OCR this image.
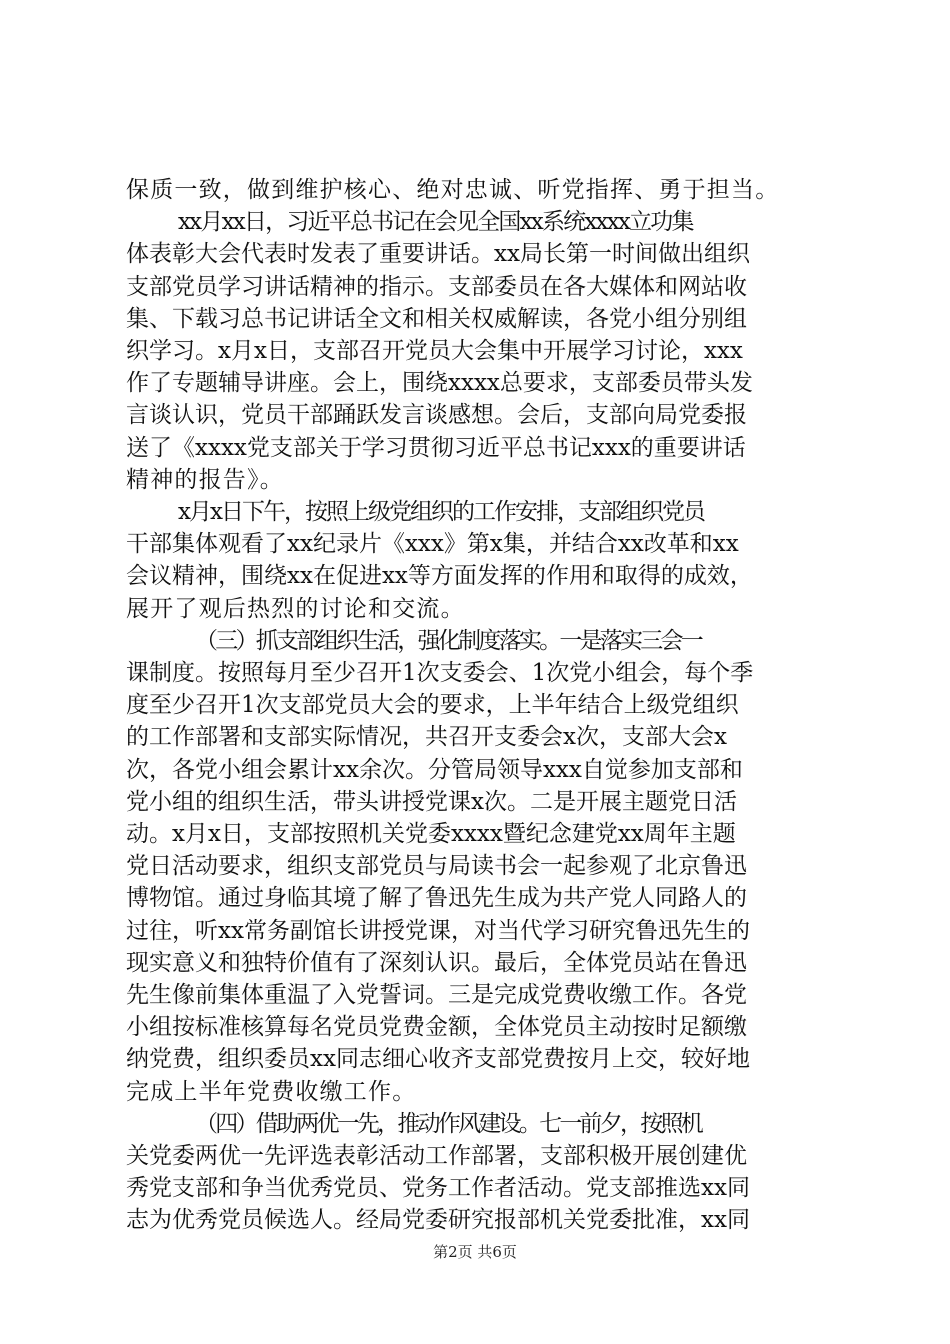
保质一致，做到维护核心、绝对忠诚、听党指挥、勇于担当。
xx月xx日，习近平总书记在会见全国xx系统xxxx立功集
体表彰大会代表时发表了重要讲话。xx局长第一时间做出组织
支部党员学习讲话精神的指示。支部委员在各大媒体和网站收
集、下载习总书记讲话全文和相关权威解读，各党小组分别组
织学习。x月x日，支部召开党员大会集中开展学习讨论，xxx
作了专题辅导讲座。会上，围绕xxxx总要求，支部委员带头发
言谈认识，党员干部踊跃发言谈感想。会后，支部向局党委报
送了《xxxx党支部关于学习贯彻习近平总书记xxx的重要讲话
精神的报告》。
x月x日下午，按照上级党组织的工作安排，支部组织党员
干部集体观看了xx纪录片《xxx》第x集，并结合xx改革和xx
会议精神，围绕xx在促进xx等方面发挥的作用和取得的成效，
展开了观后热烈的讨论和交流。
（三）抓支部组织生活，强化制度落实。一是落实三会一
课制度。按照每月至少召开1次支委会、1次党小组会，每个季
度至少召开1次支部党员大会的要求，上半年结合上级党组织
的工作部署和支部实际情况，共召开支委会x次，支部大会x
次，各党小组会累计xx余次。分管局领导xxx自觉参加支部和
党小组的组织生活，带头讲授党课x次。二是开展主题党日活
动。x月x日，支部按照机关党委xxxx暨纪念建党xx周年主题
党日活动要求，组织支部党员与局读书会一起参观了北京鲁迅
博物馆。通过身临其境了解了鲁迅先生成为共产党人同路人的
过往，听xx常务副馆长讲授党课，对当代学习研究鲁迅先生的
现实意义和独特价值有了深刻认识。最后，全体党员站在鲁迅
先生像前集体重温了入党誓词。三是完成党费收缴工作。各党
小组按标准核算每名党员党费金额，全体党员主动按时足额缴
纳党费，组织委员xx同志细心收齐支部党费按月上交，较好地
完成上半年党费收缴工作。
（四）借助两优一先，推动作风建设。七一前夕，按照机
关党委两优一先评选表彰活动工作部署，支部积极开展创建优
秀党支部和争当优秀党员、党务工作者活动。党支部推选xx同
志为优秀党员候选人。经局党委研究报部机关党委批准，xx同
第2页 共6页
